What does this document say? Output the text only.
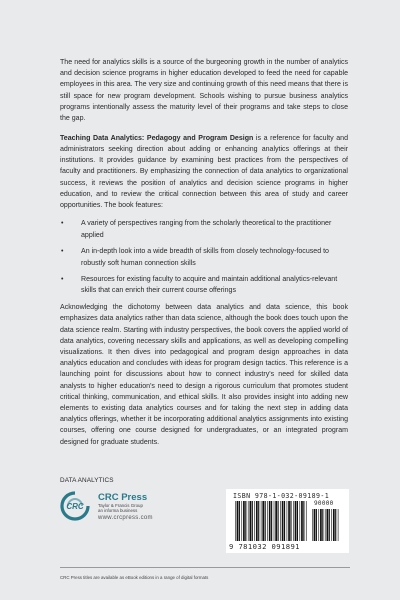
The need for analytics skills is a source of the burgeoning growth in the number of analytics and decision science programs in higher education developed to feed the need for capable employees in this area. The very size and continuing growth of this need means that there is still space for new program development. Schools wishing to pursue business analytics programs intentionally assess the maturity level of their programs and take steps to close the gap.

Teaching Data Analytics: Pedagogy and Program Design is a reference for faculty and administrators seeking direction about adding or enhancing analytics offerings at their institutions. It provides guidance by examining best practices from the perspectives of faculty and practitioners. By emphasizing the connection of data analytics to organizational success, it reviews the position of analytics and decision science programs in higher education, and to review the critical connection between this area of study and career opportunities. The book features:

• A variety of perspectives ranging from the scholarly theoretical to the practitioner applied
• An in-depth look into a wide breadth of skills from closely technology-focused to robustly soft human connection skills
• Resources for existing faculty to acquire and maintain additional analytics-relevant skills that can enrich their current course offerings

Acknowledging the dichotomy between data analytics and data science, this book emphasizes data analytics rather than data science, although the book does touch upon the data science realm. Starting with industry perspectives, the book covers the applied world of data analytics, covering necessary skills and applications, as well as developing compelling visualizations. It then dives into pedagogical and program design approaches in data analytics education and concludes with ideas for program design tactics. This reference is a launching point for discussions about how to connect industry's need for skilled data analysts to higher education's need to design a rigorous curriculum that promotes student critical thinking, communication, and ethical skills. It also provides insight into adding new elements to existing data analytics courses and for taking the next step in adding data analytics offerings, whether it be incorporating additional analytics assignments into existing courses, offering one course designed for undergraduates, or an integrated program designed for graduate students.

DATA ANALYTICS
CRC
CRC Press
Taylor & Francis Group
an informa business
www.crcpress.com
ISBN 978-1-032-09189-1
90000
9 781032 091891
CRC Press titles are available as eBook editions in a range of digital formats
